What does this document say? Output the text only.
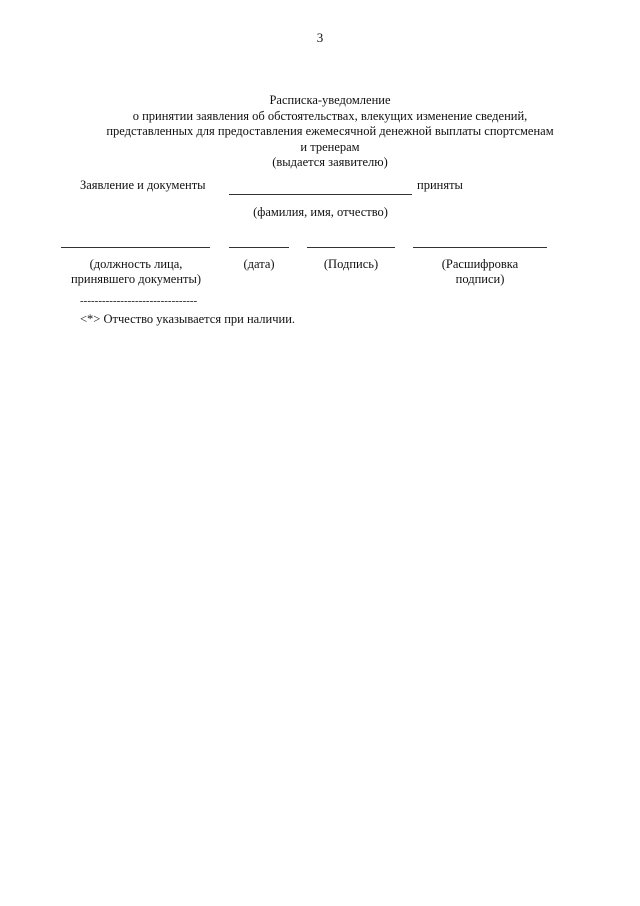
3
Расписка-уведомление
о принятии заявления об обстоятельствах, влекущих изменение сведений,
представленных для предоставления ежемесячной денежной выплаты спортсменам
и тренерам
(выдается заявителю)
Заявление и документы	приняты
(фамилия, имя, отчество)
(должность лица,
принявшего документы)
(дата)	(Подпись)	(Расшифровка
подписи)
--------------------------------
<*> Отчество указывается при наличии.
